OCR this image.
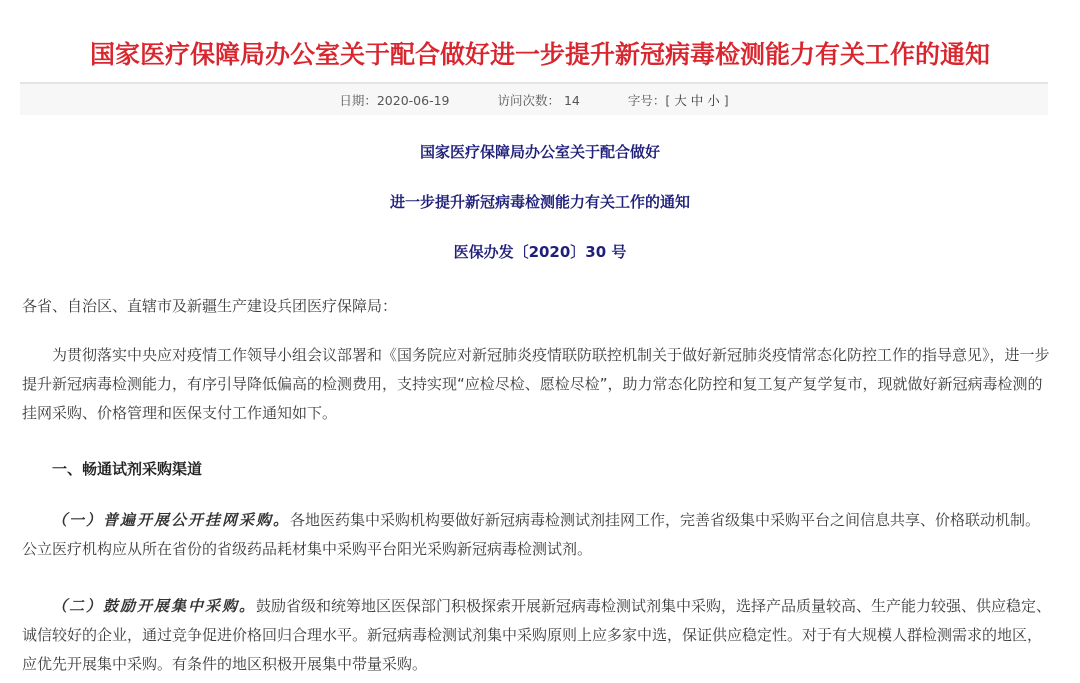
国家医疗保障局办公室关于配合做好进一步提升新冠病毒检测能力有关工作的通知
日期：2020-06-19	访问次数： 14	字号：[ 大 中 小 ]
国家医疗保障局办公室关于配合做好
进一步提升新冠病毒检测能力有关工作的通知
医保办发〔2020〕30 号

各省、自治区、直辖市及新疆生产建设兵团医疗保障局：

为贯彻落实中央应对疫情工作领导小组会议部署和《国务院应对新冠肺炎疫情联防联控机制关于做好新冠肺炎疫情常态化防控工作的指导意见》，进一步提升新冠病毒检测能力，有序引导降低偏高的检测费用，支持实现“应检尽检、愿检尽检”，助力常态化防控和复工复产复学复市，现就做好新冠病毒检测的挂网采购、价格管理和医保支付工作通知如下。

一、畅通试剂采购渠道

（一）普遍开展公开挂网采购。各地医药集中采购机构要做好新冠病毒检测试剂挂网工作，完善省级集中采购平台之间信息共享、价格联动机制。公立医疗机构应从所在省份的省级药品耗材集中采购平台阳光采购新冠病毒检测试剂。

（二）鼓励开展集中采购。鼓励省级和统筹地区医保部门积极探索开展新冠病毒检测试剂集中采购，选择产品质量较高、生产能力较强、供应稳定、诚信较好的企业，通过竞争促进价格回归合理水平。新冠病毒检测试剂集中采购原则上应多家中选，保证供应稳定性。对于有大规模人群检测需求的地区，应优先开展集中采购。有条件的地区积极开展集中带量采购。
